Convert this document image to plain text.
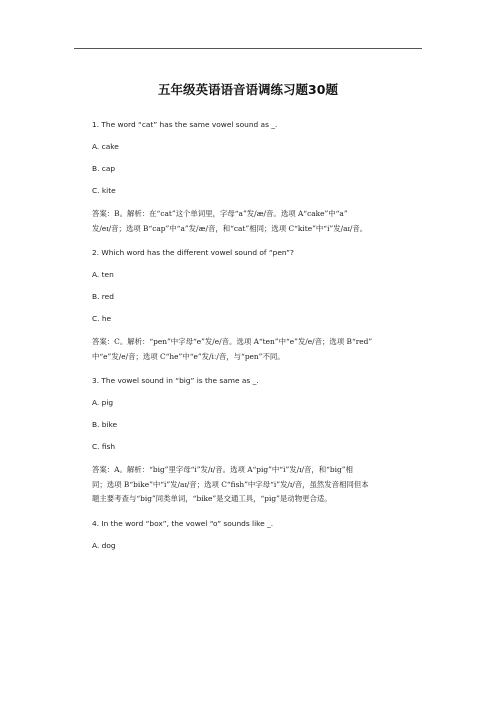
五年级英语语音语调练习题30题
1. The word “cat” has the same vowel sound as _.
A. cake
B. cap
C. kite
答案：B。解析：在“cat”这个单词里，字母“a”发/æ/音。选项 A“cake”中“a”
发/eɪ/音；选项 B“cap”中“a”发/æ/音，和“cat”相同；选项 C“kite”中“i”发/aɪ/音。
2. Which word has the different vowel sound of “pen”?
A. ten
B. red
C. he
答案：C。解析：“pen”中字母“e”发/e/音。选项 A“ten”中“e”发/e/音；选项 B“red”
中“e”发/e/音；选项 C“he”中“e”发/iː/音，与“pen”不同。
3. The vowel sound in “big” is the same as _.
A. pig
B. bike
C. fish
答案：A。解析：“big”里字母“i”发/ɪ/音。选项 A“pig”中“i”发/ɪ/音，和“big”相
同；选项 B“bike”中“i”发/aɪ/音；选项 C“fish”中字母“i”发/ɪ/音，虽然发音相同但本
题主要考查与“big”同类单词，“bike”是交通工具，“pig”是动物更合适。
4. In the word “box”, the vowel “o” sounds like _.
A. dog
